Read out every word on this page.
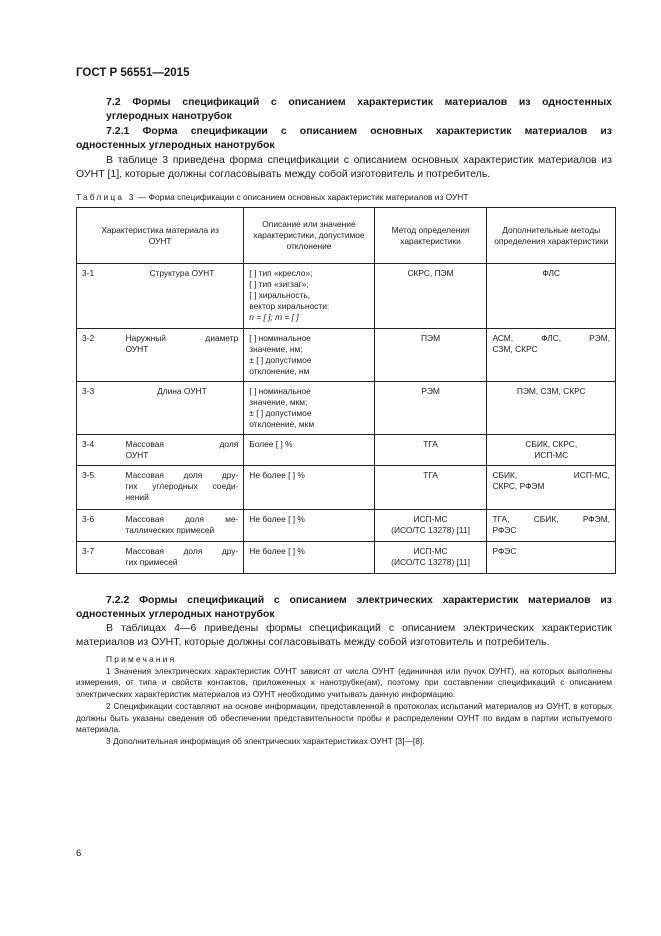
ГОСТ Р 56551—2015
7.2 Формы спецификаций с описанием характеристик материалов из одностенных
углеродных нанотрубок
7.2.1 Форма спецификации с описанием основных характеристик материалов из
одностенных углеродных нанотрубок
В таблице 3 приведена форма спецификации с описанием основных характеристик материалов из
ОУНТ [1], которые должны согласовывать между собой изготовитель и потребитель.
Таблица 3 — Форма спецификации с описанием основных характеристик материалов из ОУНТ
Характеристика материала из ОУНТ		Описание или значение характеристики, допустимое отклонение	Метод определения характеристики	Дополнительные методы определения характеристики
3-1	Структура ОУНТ	[ ] тип «кресло»;
[ ] тип «зигзаг»;
[ ] хиральность,
вектор хиральности:
n = [ ]; m = [ ]	СКРС, ПЭМ	ФЛС

3-2	Наружный диаметр
ОУНТ	[ ] номинальное
значение, нм;
± [ ] допустимое
отклонение, нм	ПЭМ	АСМ, ФЛС, РЭМ,
СЗМ, СКРС

3-3	Длина ОУНТ	[ ] номинальное
значение, мкм;
± [ ] допустимое
отклонение, мкм	РЭМ	ПЭМ, СЗМ, СКРС

3-4	Массовая доля
ОУНТ	Более [ ] %	ТГА	СБИК, СКРС,
ИСП-МС

3-5	Массовая доля дру-
гих углеродных соеди-
нений	Не более [ ] %	ТГА	СБИК, ИСП-МС,
СКРС, РФЭМ

3-6	Массовая доля ме-
таллических примесей	Не более [ ] %	ИСП-МС
(ИСО/ТС 13278) [11]	ТГА, СБИК, РФЭМ,
РФЭС

3-7	Массовая доля дру-
гих примесей	Не более [ ] %	ИСП-МС
(ИСО/ТС 13278) [11]	РФЭС
7.2.2 Формы спецификаций с описанием электрических характеристик материалов из
одностенных углеродных нанотрубок
В таблицах 4—6 приведены формы спецификаций с описанием электрических характеристик
материалов из ОУНТ, которые должны согласовывать между собой изготовитель и потребитель.
Примечания
1 Значения электрических характеристик ОУНТ зависят от числа ОУНТ (единичная или пучок ОУНТ), на которых выполнены измерения, от типа и свойств контактов, приложенных к нанотрубке(ам), поэтому при составлении спецификаций с описанием электрических характеристик материалов из ОУНТ необходимо учитывать данную информацию.
2 Спецификации составляют на основе информации, представленной в протоколах испытаний материалов из ОУНТ, в которых должны быть указаны сведения об обеспечении представительности пробы и распределении ОУНТ по видам в партии испытуемого материала.
3 Дополнительная информация об электрических характеристиках ОУНТ [3]—[8].
6
